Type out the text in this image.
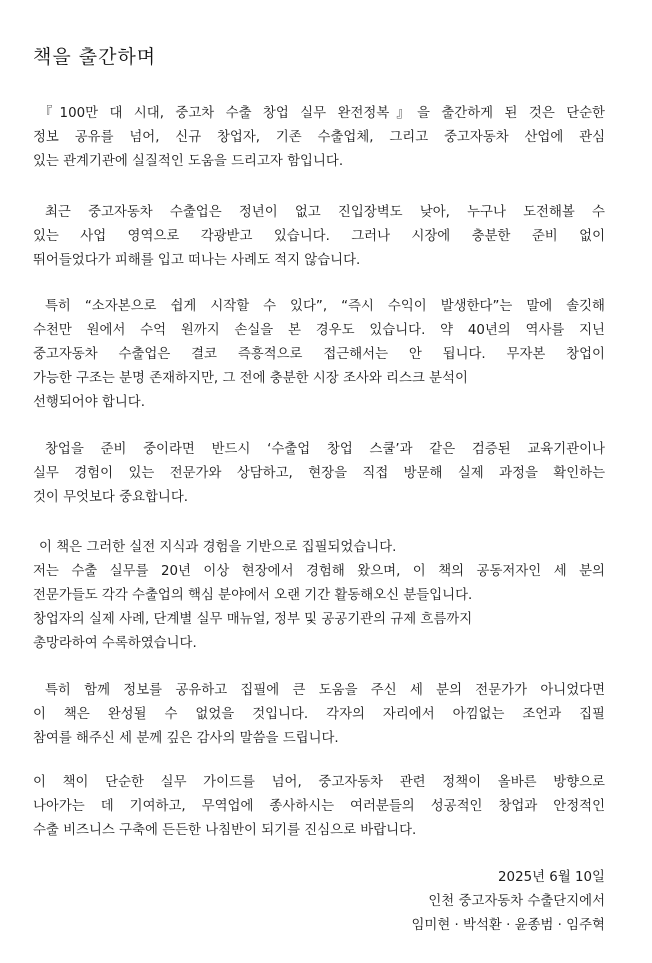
책을 출간하며
『100만 대 시대, 중고차 수출 창업 실무 완전정복』을 출간하게 된 것은 단순한
정보 공유를 넘어, 신규 창업자, 기존 수출업체, 그리고 중고자동차 산업에 관심
있는 관계기관에 실질적인 도움을 드리고자 함입니다.
최근 중고자동차 수출업은 정년이 없고 진입장벽도 낮아, 누구나 도전해볼 수
있는 사업 영역으로 각광받고 있습니다. 그러나 시장에 충분한 준비 없이
뛰어들었다가 피해를 입고 떠나는 사례도 적지 않습니다.
특히 “소자본으로 쉽게 시작할 수 있다”, “즉시 수익이 발생한다”는 말에 솔깃해
수천만 원에서 수억 원까지 손실을 본 경우도 있습니다. 약 40년의 역사를 지닌
중고자동차 수출업은 결코 즉흥적으로 접근해서는 안 됩니다. 무자본 창업이
가능한 구조는 분명 존재하지만, 그 전에 충분한 시장 조사와 리스크 분석이
선행되어야 합니다.
창업을 준비 중이라면 반드시 ‘수출업 창업 스쿨’과 같은 검증된 교육기관이나
실무 경험이 있는 전문가와 상담하고, 현장을 직접 방문해 실제 과정을 확인하는
것이 무엇보다 중요합니다.
이 책은 그러한 실전 지식과 경험을 기반으로 집필되었습니다.
저는 수출 실무를 20년 이상 현장에서 경험해 왔으며, 이 책의 공동저자인 세 분의
전문가들도 각각 수출업의 핵심 분야에서 오랜 기간 활동해오신 분들입니다.
창업자의 실제 사례, 단계별 실무 매뉴얼, 정부 및 공공기관의 규제 흐름까지
총망라하여 수록하였습니다.
특히 함께 정보를 공유하고 집필에 큰 도움을 주신 세 분의 전문가가 아니었다면
이 책은 완성될 수 없었을 것입니다. 각자의 자리에서 아낌없는 조언과 집필
참여를 해주신 세 분께 깊은 감사의 말씀을 드립니다.
이 책이 단순한 실무 가이드를 넘어, 중고자동차 관련 정책이 올바른 방향으로
나아가는 데 기여하고, 무역업에 종사하시는 여러분들의 성공적인 창업과 안정적인
수출 비즈니스 구축에 든든한 나침반이 되기를 진심으로 바랍니다.
2025년 6월 10일
인천 중고자동차 수출단지에서
임미현 · 박석환 · 윤종범 · 임주혁
